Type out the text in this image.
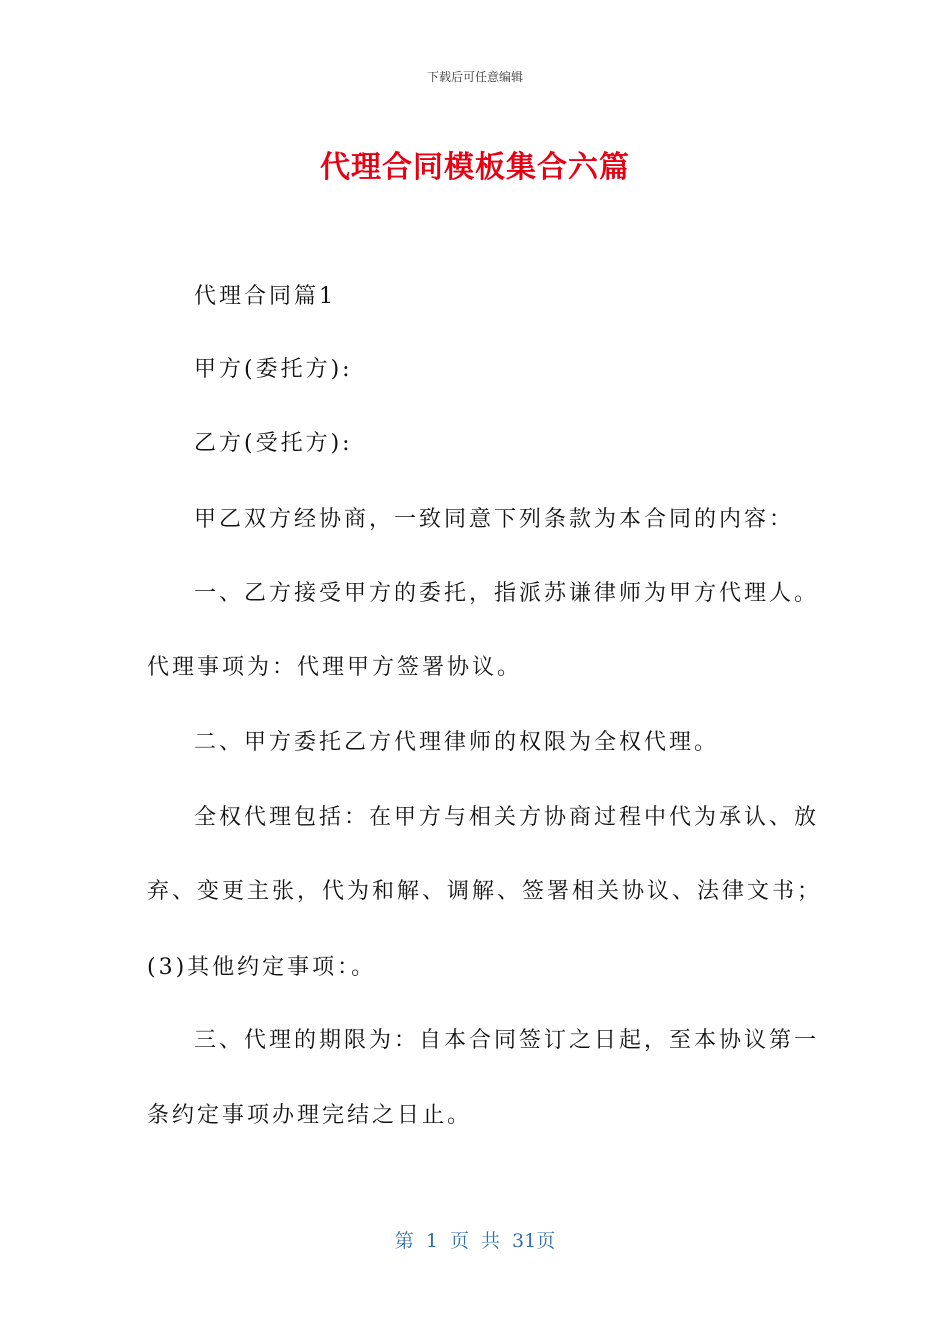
下载后可任意编辑
代理合同模板集合六篇
代理合同篇1
甲方(委托方):
乙方(受托方):
甲乙双方经协商，一致同意下列条款为本合同的内容：
一、乙方接受甲方的委托，指派苏谦律师为甲方代理人。
代理事项为：代理甲方签署协议。
二、甲方委托乙方代理律师的权限为全权代理。
全权代理包括：在甲方与相关方协商过程中代为承认、放
弃、变更主张，代为和解、调解、签署相关协议、法律文书；
(3)其他约定事项：。
三、代理的期限为：自本合同签订之日起，至本协议第一
条约定事项办理完结之日止。
第 1 页 共 31页
